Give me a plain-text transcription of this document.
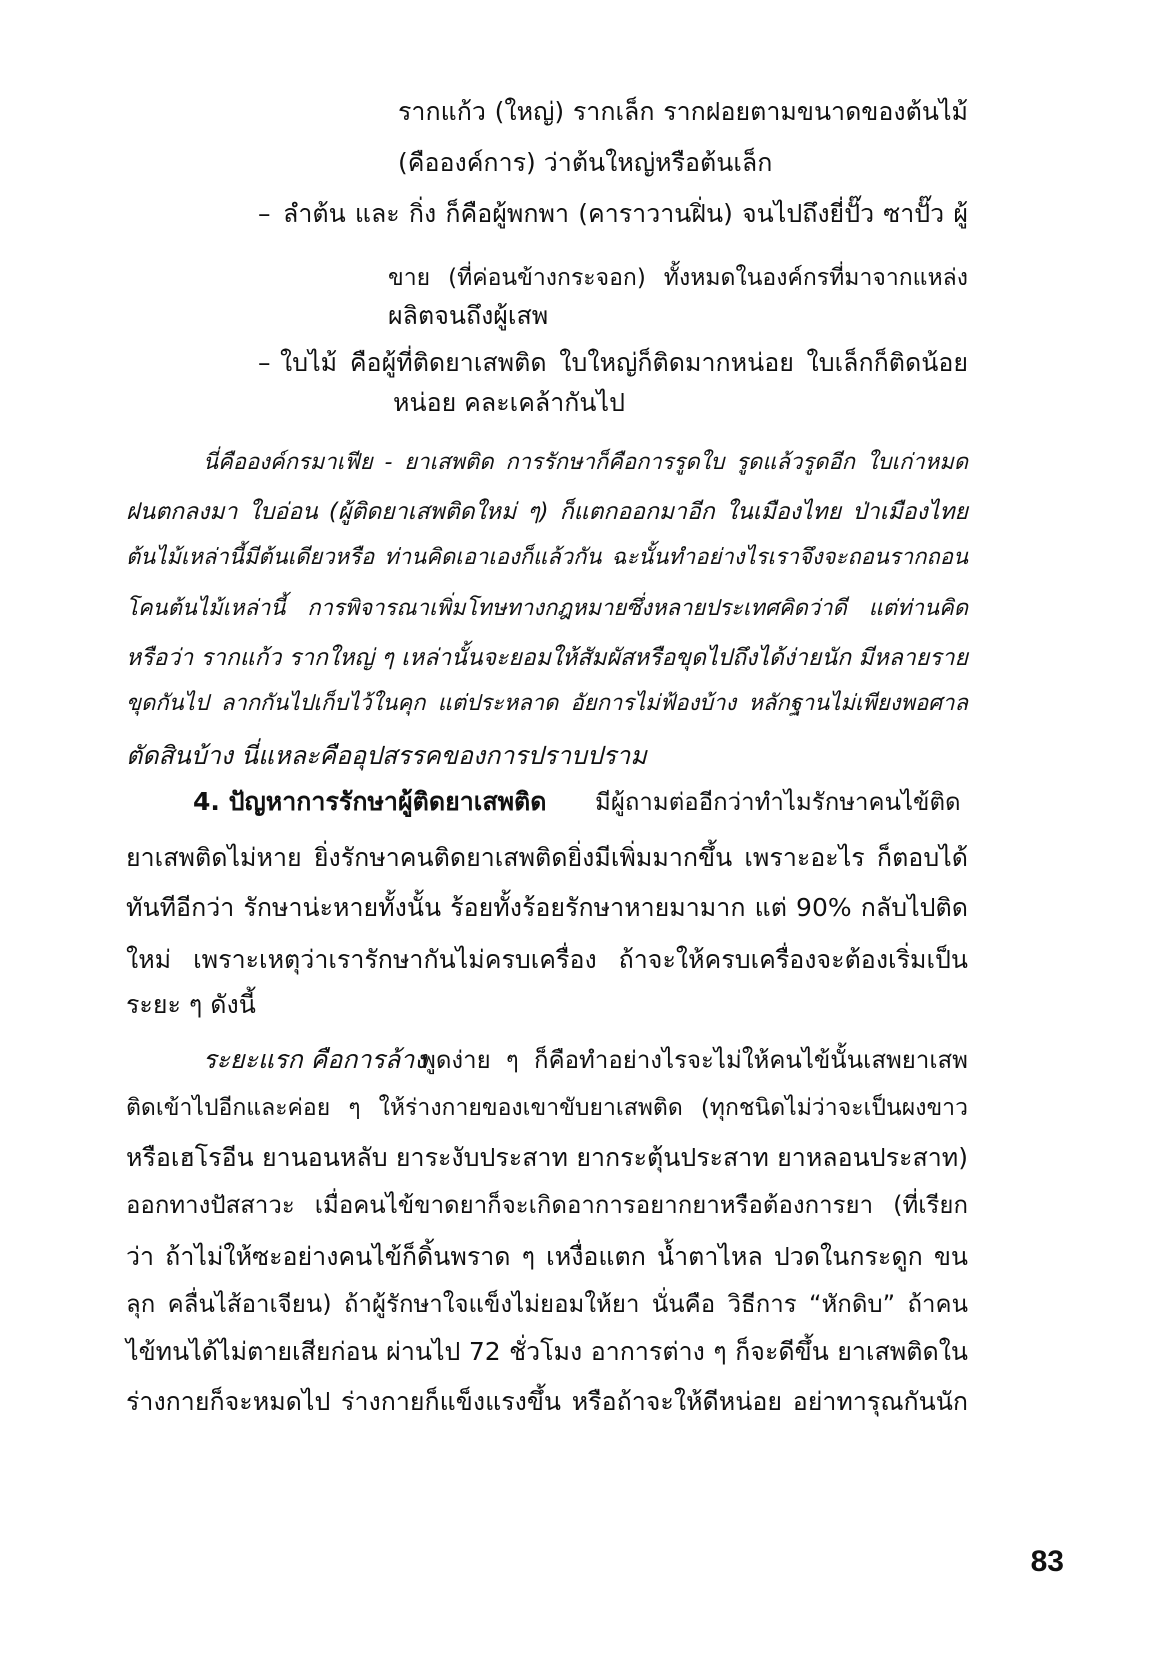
รากแก้ว (ใหญ่) รากเล็ก รากฝอยตามขนาดของต้นไม้
(คือองค์การ) ว่าต้นใหญ่หรือต้นเล็ก
– ลำต้น และ กิ่ง ก็คือผู้พกพา (คาราวานฝิ่น) จนไปถึงยี่ปั๊ว ซาปั๊ว ผู้
ขาย (ที่ค่อนข้างกระจอก) ทั้งหมดในองค์กรที่มาจากแหล่ง
ผลิตจนถึงผู้เสพ
– ใบไม้ คือผู้ที่ติดยาเสพติด ใบใหญ่ก็ติดมากหน่อย ใบเล็กก็ติดน้อย
หน่อย คละเคล้ากันไป
นี่คือองค์กรมาเฟีย - ยาเสพติด การรักษาก็คือการรูดใบ รูดแล้วรูดอีก ใบเก่าหมด
ฝนตกลงมา ใบอ่อน (ผู้ติดยาเสพติดใหม่ ๆ) ก็แตกออกมาอีก ในเมืองไทย ป่าเมืองไทย
ต้นไม้เหล่านี้มีต้นเดียวหรือ ท่านคิดเอาเองก็แล้วกัน ฉะนั้นทำอย่างไรเราจึงจะถอนรากถอน
โคนต้นไม้เหล่านี้ การพิจารณาเพิ่มโทษทางกฎหมายซึ่งหลายประเทศคิดว่าดี แต่ท่านคิด
หรือว่า รากแก้ว รากใหญ่ ๆ เหล่านั้นจะยอมให้สัมผัสหรือขุดไปถึงได้ง่ายนัก มีหลายราย
ขุดกันไป ลากกันไปเก็บไว้ในคุก แต่ประหลาด อัยการไม่ฟ้องบ้าง หลักฐานไม่เพียงพอศาล
ตัดสินบ้าง นี่แหละคืออุปสรรคของการปราบปราม
4. ปัญหาการรักษาผู้ติดยาเสพติด มีผู้ถามต่ออีกว่าทำไมรักษาคนไข้ติด
ยาเสพติดไม่หาย ยิ่งรักษาคนติดยาเสพติดยิ่งมีเพิ่มมากขึ้น เพราะอะไร ก็ตอบได้
ทันทีอีกว่า รักษาน่ะหายทั้งนั้น ร้อยทั้งร้อยรักษาหายมามาก แต่ 90% กลับไปติด
ใหม่ เพราะเหตุว่าเรารักษากันไม่ครบเครื่อง ถ้าจะให้ครบเครื่องจะต้องเริ่มเป็น
ระยะ ๆ ดังนี้
ระยะแรก คือการล้าง
พูดง่าย ๆ ก็คือทำอย่างไรจะไม่ให้คนไข้นั้นเสพยาเสพ
ติดเข้าไปอีกและค่อย ๆ ให้ร่างกายของเขาขับยาเสพติด (ทุกชนิดไม่ว่าจะเป็นผงขาว
หรือเฮโรอีน ยานอนหลับ ยาระงับประสาท ยากระตุ้นประสาท ยาหลอนประสาท)
ออกทางปัสสาวะ เมื่อคนไข้ขาดยาก็จะเกิดอาการอยากยาหรือต้องการยา (ที่เรียก
ว่า ถ้าไม่ให้ซะอย่างคนไข้ก็ดิ้นพราด ๆ เหงื่อแตก น้ำตาไหล ปวดในกระดูก ขน
ลุก คลื่นไส้อาเจียน) ถ้าผู้รักษาใจแข็งไม่ยอมให้ยา นั่นคือ วิธีการ “หักดิบ” ถ้าคน
ไข้ทนได้ไม่ตายเสียก่อน ผ่านไป 72 ชั่วโมง อาการต่าง ๆ ก็จะดีขึ้น ยาเสพติดใน
ร่างกายก็จะหมดไป ร่างกายก็แข็งแรงขึ้น หรือถ้าจะให้ดีหน่อย อย่าทารุณกันนัก
83
